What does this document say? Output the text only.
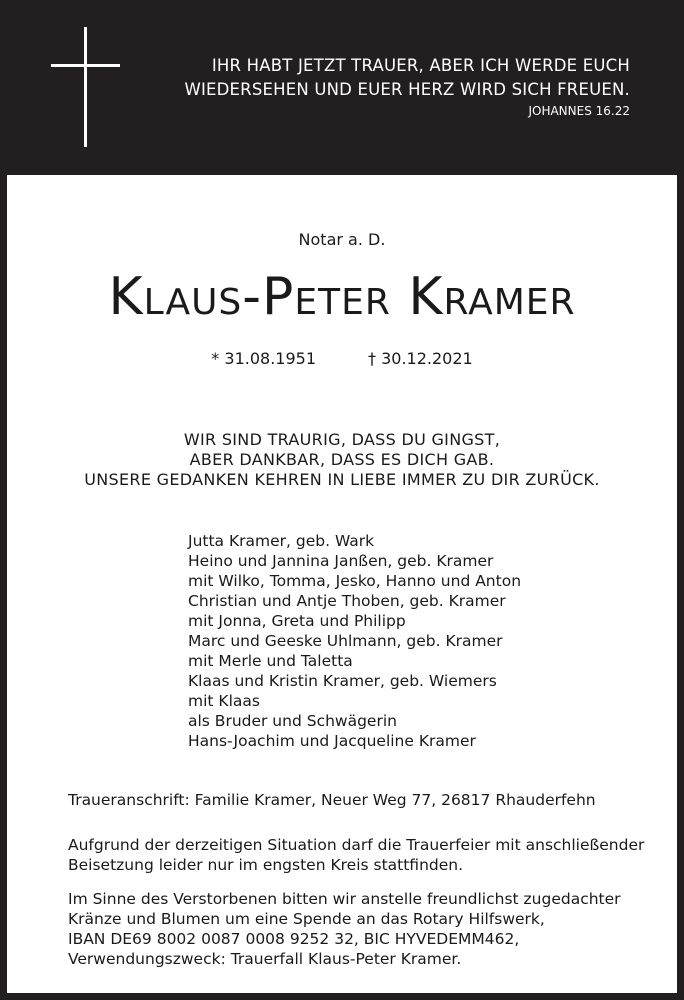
IHR HABT JETZT TRAUER, ABER ICH WERDE EUCH
WIEDERSEHEN UND EUER HERZ WIRD SICH FREUEN.
JOHANNES 16.22
Notar a. D.
Klaus-Peter Kramer
* 31.08.1951	† 30.12.2021
WIR SIND TRAURIG, DASS DU GINGST,
ABER DANKBAR, DASS ES DICH GAB.
UNSERE GEDANKEN KEHREN IN LIEBE IMMER ZU DIR ZURÜCK.
Jutta Kramer, geb. Wark
Heino und Jannina Janßen, geb. Kramer
mit Wilko, Tomma, Jesko, Hanno und Anton
Christian und Antje Thoben, geb. Kramer
mit Jonna, Greta und Philipp
Marc und Geeske Uhlmann, geb. Kramer
mit Merle und Taletta
Klaas und Kristin Kramer, geb. Wiemers
mit Klaas
als Bruder und Schwägerin
Hans-Joachim und Jacqueline Kramer
Traueranschrift: Familie Kramer, Neuer Weg 77, 26817 Rhauderfehn
Aufgrund der derzeitigen Situation darf die Trauerfeier mit anschließender
Beisetzung leider nur im engsten Kreis stattfinden.
Im Sinne des Verstorbenen bitten wir anstelle freundlichst zugedachter
Kränze und Blumen um eine Spende an das Rotary Hilfswerk,
IBAN DE69 8002 0087 0008 9252 32, BIC HYVEDEMM462,
Verwendungszweck: Trauerfall Klaus-Peter Kramer.
